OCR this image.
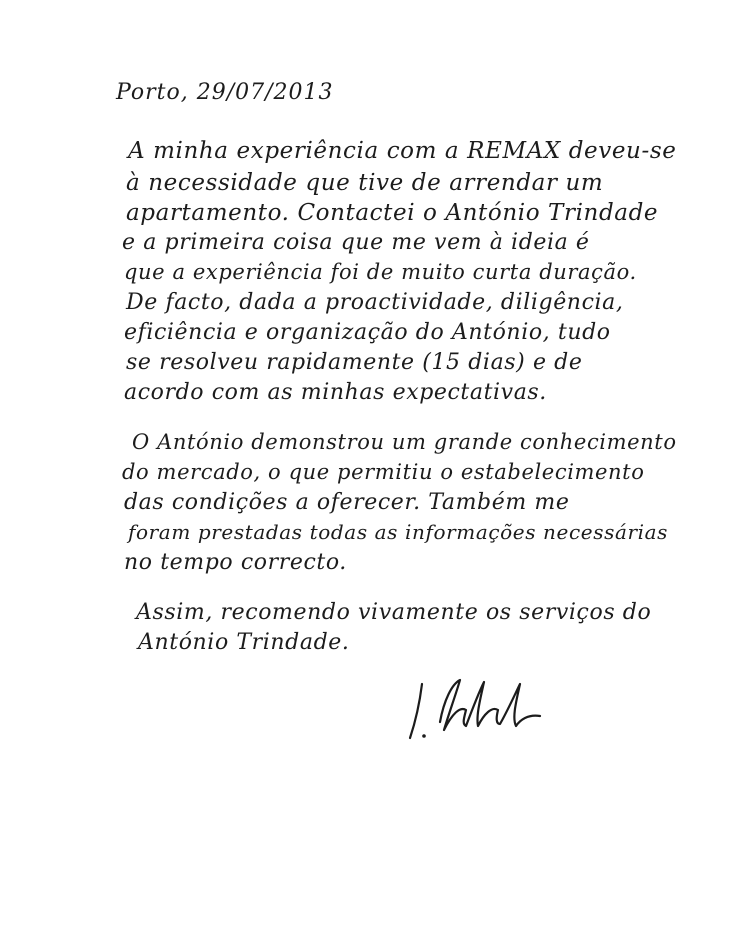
Porto, 29/07/2013
A minha experiência com a REMAX deveu-se
à necessidade que tive de arrendar um
apartamento. Contactei o António Trindade
e a primeira coisa que me vem à ideia é
que a experiência foi de muito curta duração.
De facto, dada a proactividade, diligência,
eficiência e organização do António, tudo
se resolveu rapidamente (15 dias) e de
acordo com as minhas expectativas.
O António demonstrou um grande conhecimento
do mercado, o que permitiu o estabelecimento
das condições a oferecer. Também me
foram prestadas todas as informações necessárias
no tempo correcto.
Assim, recomendo vivamente os serviços do
António Trindade.
